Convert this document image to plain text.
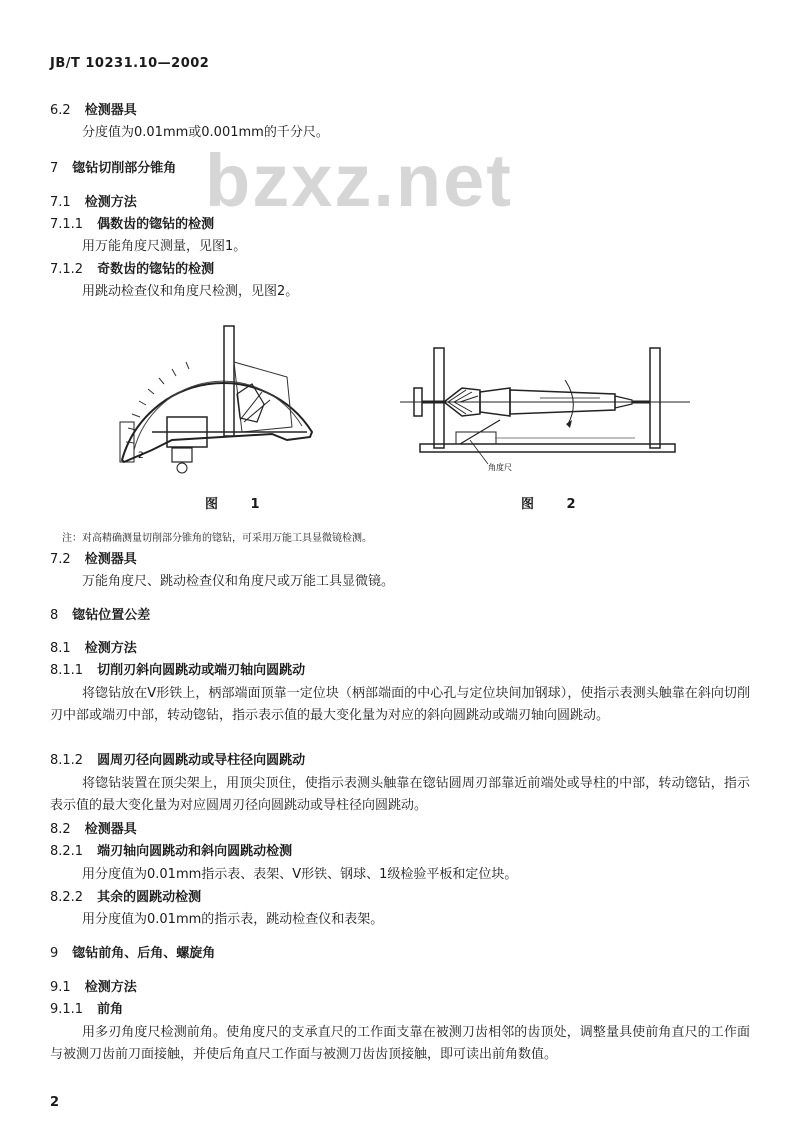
JB/T 10231.10—2002
bzxz.net
6.2 检测器具
分度值为0.01mm或0.001mm的千分尺。
7 锪钻切削部分锥角
7.1 检测方法
7.1.1 偶数齿的锪钻的检测
用万能角度尺测量，见图1。
7.1.2 奇数齿的锪钻的检测
用跳动检查仪和角度尺检测，见图2。
2
角度尺
图 1	图 2
注：对高精确测量切削部分锥角的锪钻，可采用万能工具显微镜检测。
7.2 检测器具
万能角度尺、跳动检查仪和角度尺或万能工具显微镜。
8 锪钻位置公差
8.1 检测方法
8.1.1 切削刃斜向圆跳动或端刃轴向圆跳动
将锪钻放在V形铁上，柄部端面顶靠一定位块（柄部端面的中心孔与定位块间加钢球），使指示表测头触靠在斜向切削刃中部或端刃中部，转动锪钻，指示表示值的最大变化量为对应的斜向圆跳动或端刃轴向圆跳动。
8.1.2 圆周刃径向圆跳动或导柱径向圆跳动
将锪钻装置在顶尖架上，用顶尖顶住，使指示表测头触靠在锪钻圆周刃部靠近前端处或导柱的中部，转动锪钻，指示表示值的最大变化量为对应圆周刃径向圆跳动或导柱径向圆跳动。
8.2 检测器具
8.2.1 端刃轴向圆跳动和斜向圆跳动检测
用分度值为0.01mm指示表、表架、V形铁、钢球、1级检验平板和定位块。
8.2.2 其余的圆跳动检测
用分度值为0.01mm的指示表，跳动检查仪和表架。
9 锪钻前角、后角、螺旋角
9.1 检测方法
9.1.1 前角
用多刃角度尺检测前角。使角度尺的支承直尺的工作面支靠在被测刀齿相邻的齿顶处，调整量具使前角直尺的工作面与被测刀齿前刀面接触，并使后角直尺工作面与被测刀齿齿顶接触，即可读出前角数值。
2
